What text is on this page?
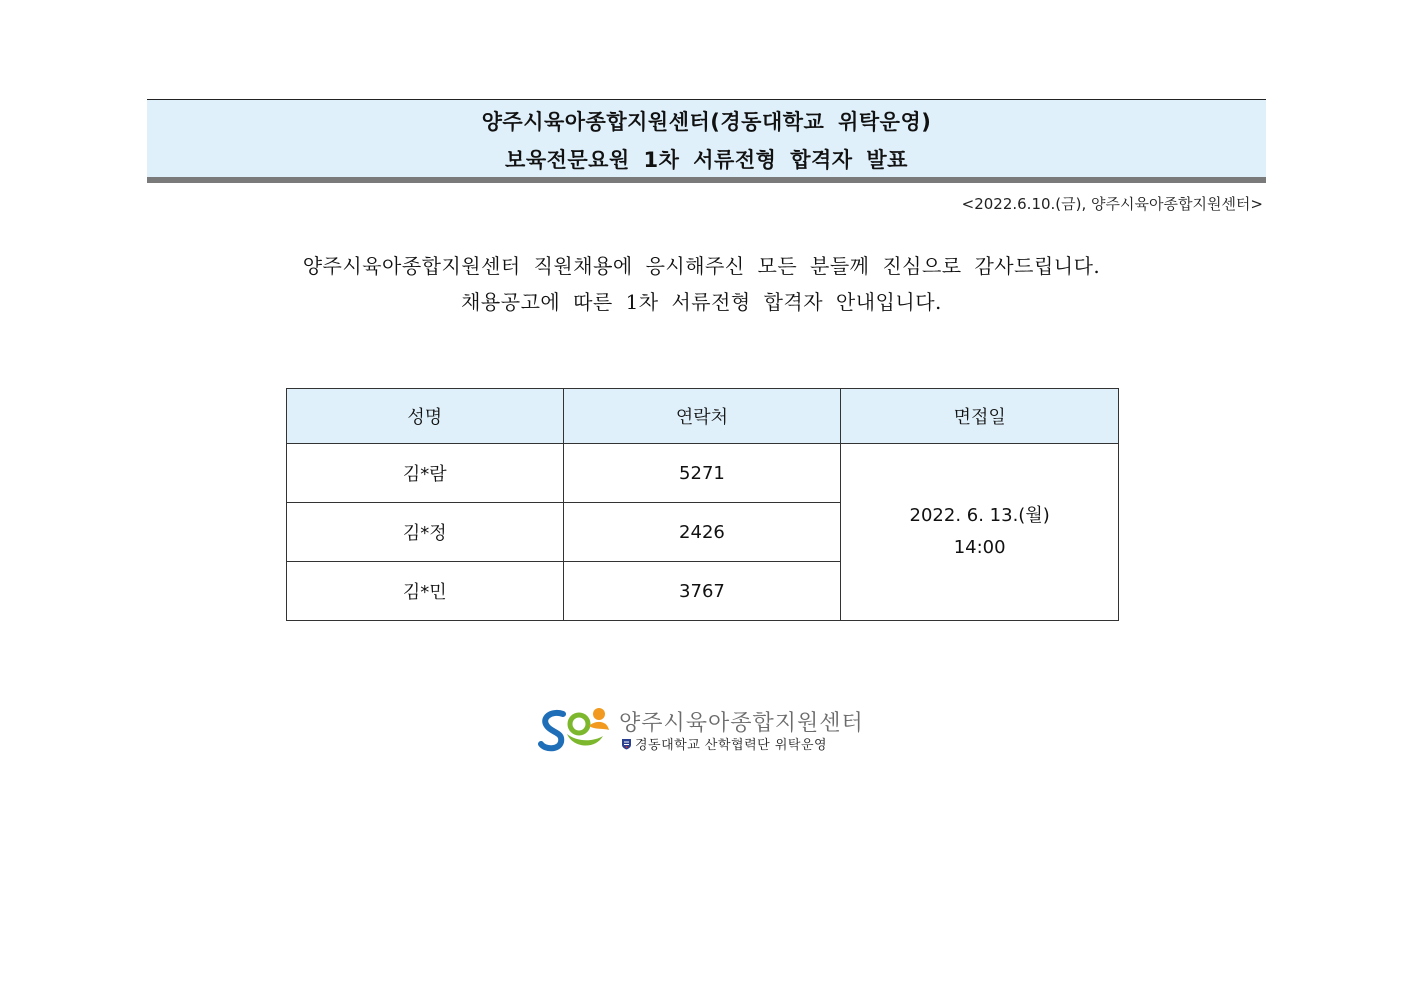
양주시육아종합지원센터(경동대학교 위탁운영)
보육전문요원 1차 서류전형 합격자 발표
<2022.6.10.(금), 양주시육아종합지원센터>
양주시육아종합지원센터 직원채용에 응시해주신 모든 분들께 진심으로 감사드립니다.
채용공고에 따른 1차 서류전형 합격자 안내입니다.
성명	연락처	면접일
김*람	5271	2022. 6. 13.(월)
14:00

김*정	2426	
김*민	3767	
양주시육아종합지원센터
경동대학교 산학협력단 위탁운영
